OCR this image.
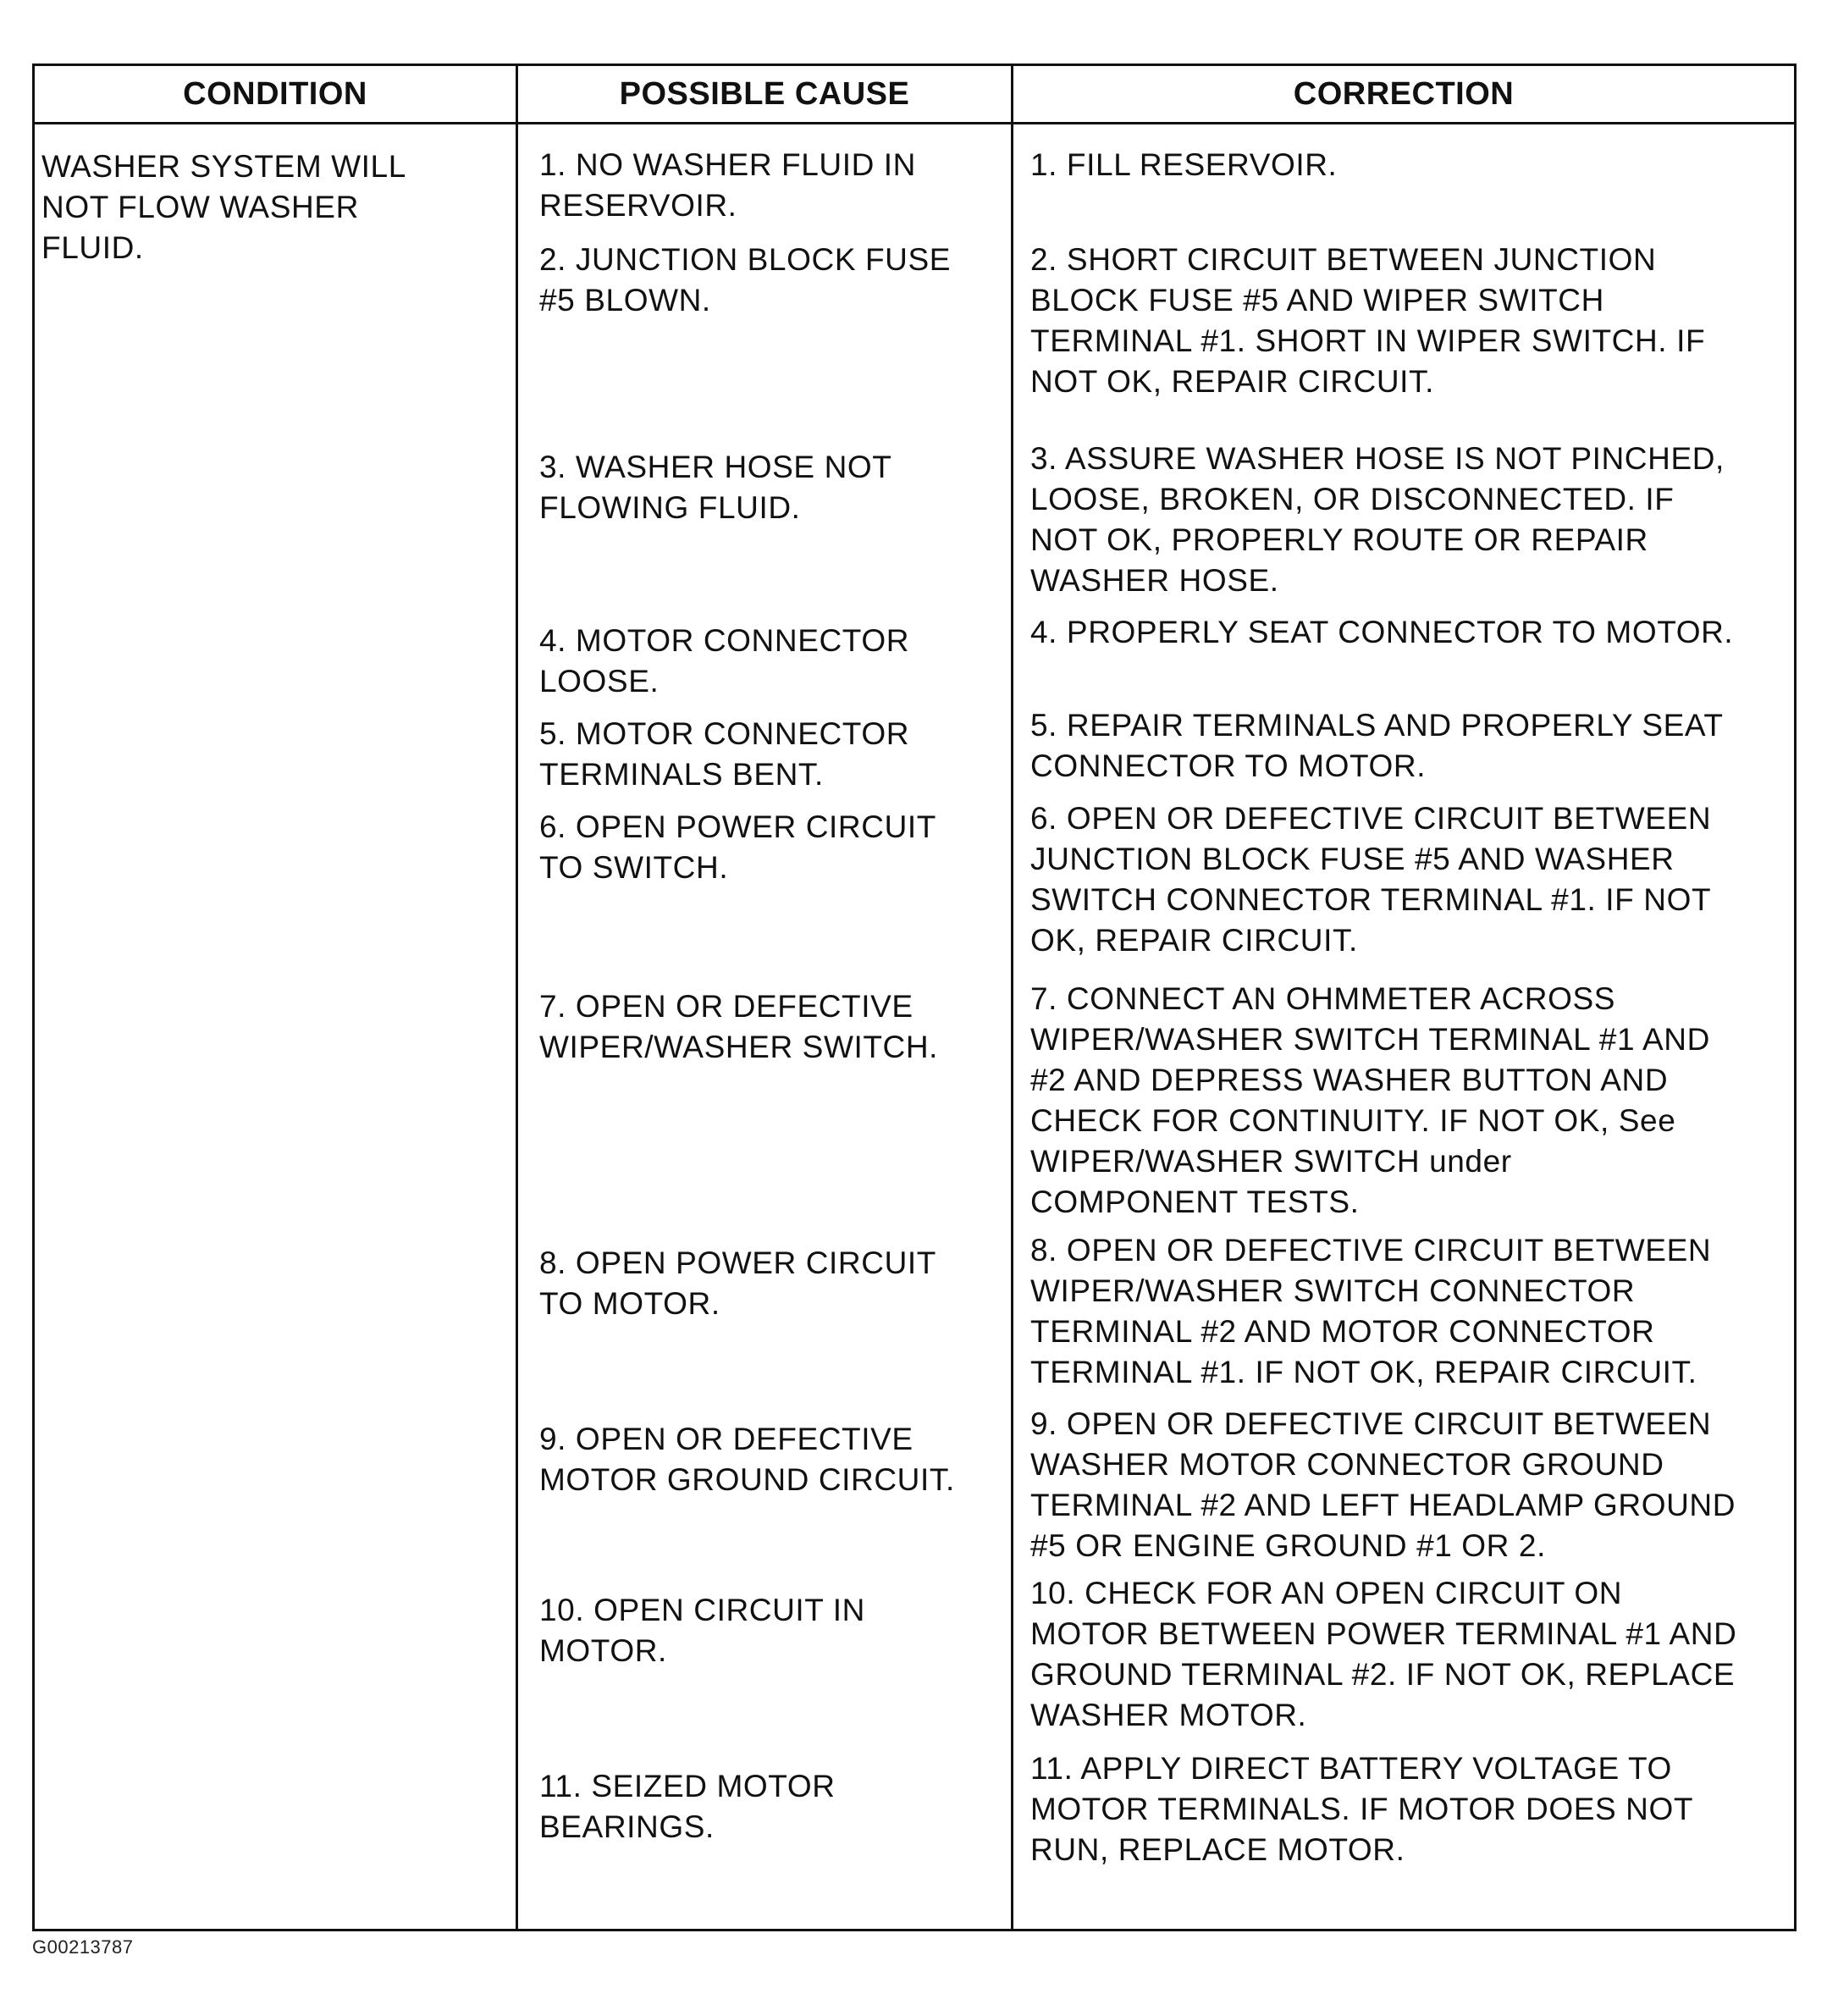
CONDITION	POSSIBLE CAUSE	CORRECTION
WASHER SYSTEM WILL
NOT FLOW WASHER
FLUID.
1. NO WASHER FLUID IN
RESERVOIR.
1. FILL RESERVOIR.
2. JUNCTION BLOCK FUSE
#5 BLOWN.
2. SHORT CIRCUIT BETWEEN JUNCTION
BLOCK FUSE #5 AND WIPER SWITCH
TERMINAL #1. SHORT IN WIPER SWITCH. IF
NOT OK, REPAIR CIRCUIT.
3. WASHER HOSE NOT
FLOWING FLUID.
3. ASSURE WASHER HOSE IS NOT PINCHED,
LOOSE, BROKEN, OR DISCONNECTED. IF
NOT OK, PROPERLY ROUTE OR REPAIR
WASHER HOSE.
4. MOTOR CONNECTOR
LOOSE.
4. PROPERLY SEAT CONNECTOR TO MOTOR.
5. MOTOR CONNECTOR
TERMINALS BENT.
5. REPAIR TERMINALS AND PROPERLY SEAT
CONNECTOR TO MOTOR.
6. OPEN POWER CIRCUIT
TO SWITCH.
6. OPEN OR DEFECTIVE CIRCUIT BETWEEN
JUNCTION BLOCK FUSE #5 AND WASHER
SWITCH CONNECTOR TERMINAL #1. IF NOT
OK, REPAIR CIRCUIT.
7. OPEN OR DEFECTIVE
WIPER/WASHER SWITCH.
7. CONNECT AN OHMMETER ACROSS
WIPER/WASHER SWITCH TERMINAL #1 AND
#2 AND DEPRESS WASHER BUTTON AND
CHECK FOR CONTINUITY. IF NOT OK, See
WIPER/WASHER SWITCH under
COMPONENT TESTS.
8. OPEN POWER CIRCUIT
TO MOTOR.
8. OPEN OR DEFECTIVE CIRCUIT BETWEEN
WIPER/WASHER SWITCH CONNECTOR
TERMINAL #2 AND MOTOR CONNECTOR
TERMINAL #1. IF NOT OK, REPAIR CIRCUIT.
9. OPEN OR DEFECTIVE
MOTOR GROUND CIRCUIT.
9. OPEN OR DEFECTIVE CIRCUIT BETWEEN
WASHER MOTOR CONNECTOR GROUND
TERMINAL #2 AND LEFT HEADLAMP GROUND
#5 OR ENGINE GROUND #1 OR 2.
10. OPEN CIRCUIT IN
MOTOR.
10. CHECK FOR AN OPEN CIRCUIT ON
MOTOR BETWEEN POWER TERMINAL #1 AND
GROUND TERMINAL #2. IF NOT OK, REPLACE
WASHER MOTOR.
11. SEIZED MOTOR
BEARINGS.
11. APPLY DIRECT BATTERY VOLTAGE TO
MOTOR TERMINALS. IF MOTOR DOES NOT
RUN, REPLACE MOTOR.
G00213787
